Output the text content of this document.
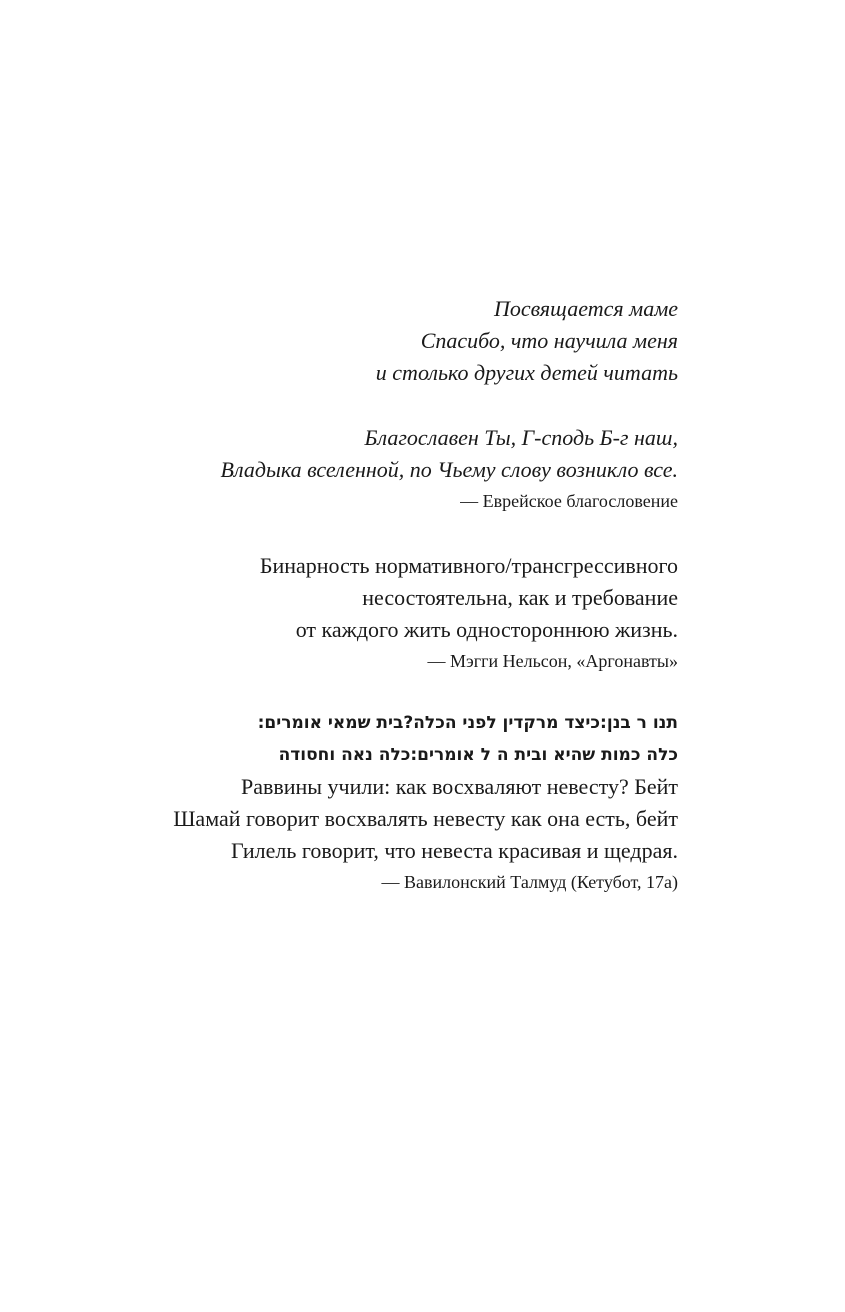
Посвящается маме
Спасибо, что научила меня
и столько других детей читать
Благославен Ты, Г-сподь Б-г наш,
Владыка вселенной, по Чьему слову возникло все.
— Еврейское благословение
Бинарность нормативного/трансгрессивного
несостоятельна, как и требование
от каждого жить одностороннюю жизнь.
— Мэгги Нельсон, «Аргонавты»
תנו ר בנן:כיצד מרקדין לפני הכלה?בית שמאי אומרים:
כלה כמות שהיא ובית ה ל אומרים:כלה נאה וחסודה
Раввины учили: как восхваляют невесту? Бейт
Шамай говорит восхвалять невесту как она есть, бейт
Гилель говорит, что невеста красивая и щедрая.
— Вавилонский Талмуд (Кетубот, 17а)
